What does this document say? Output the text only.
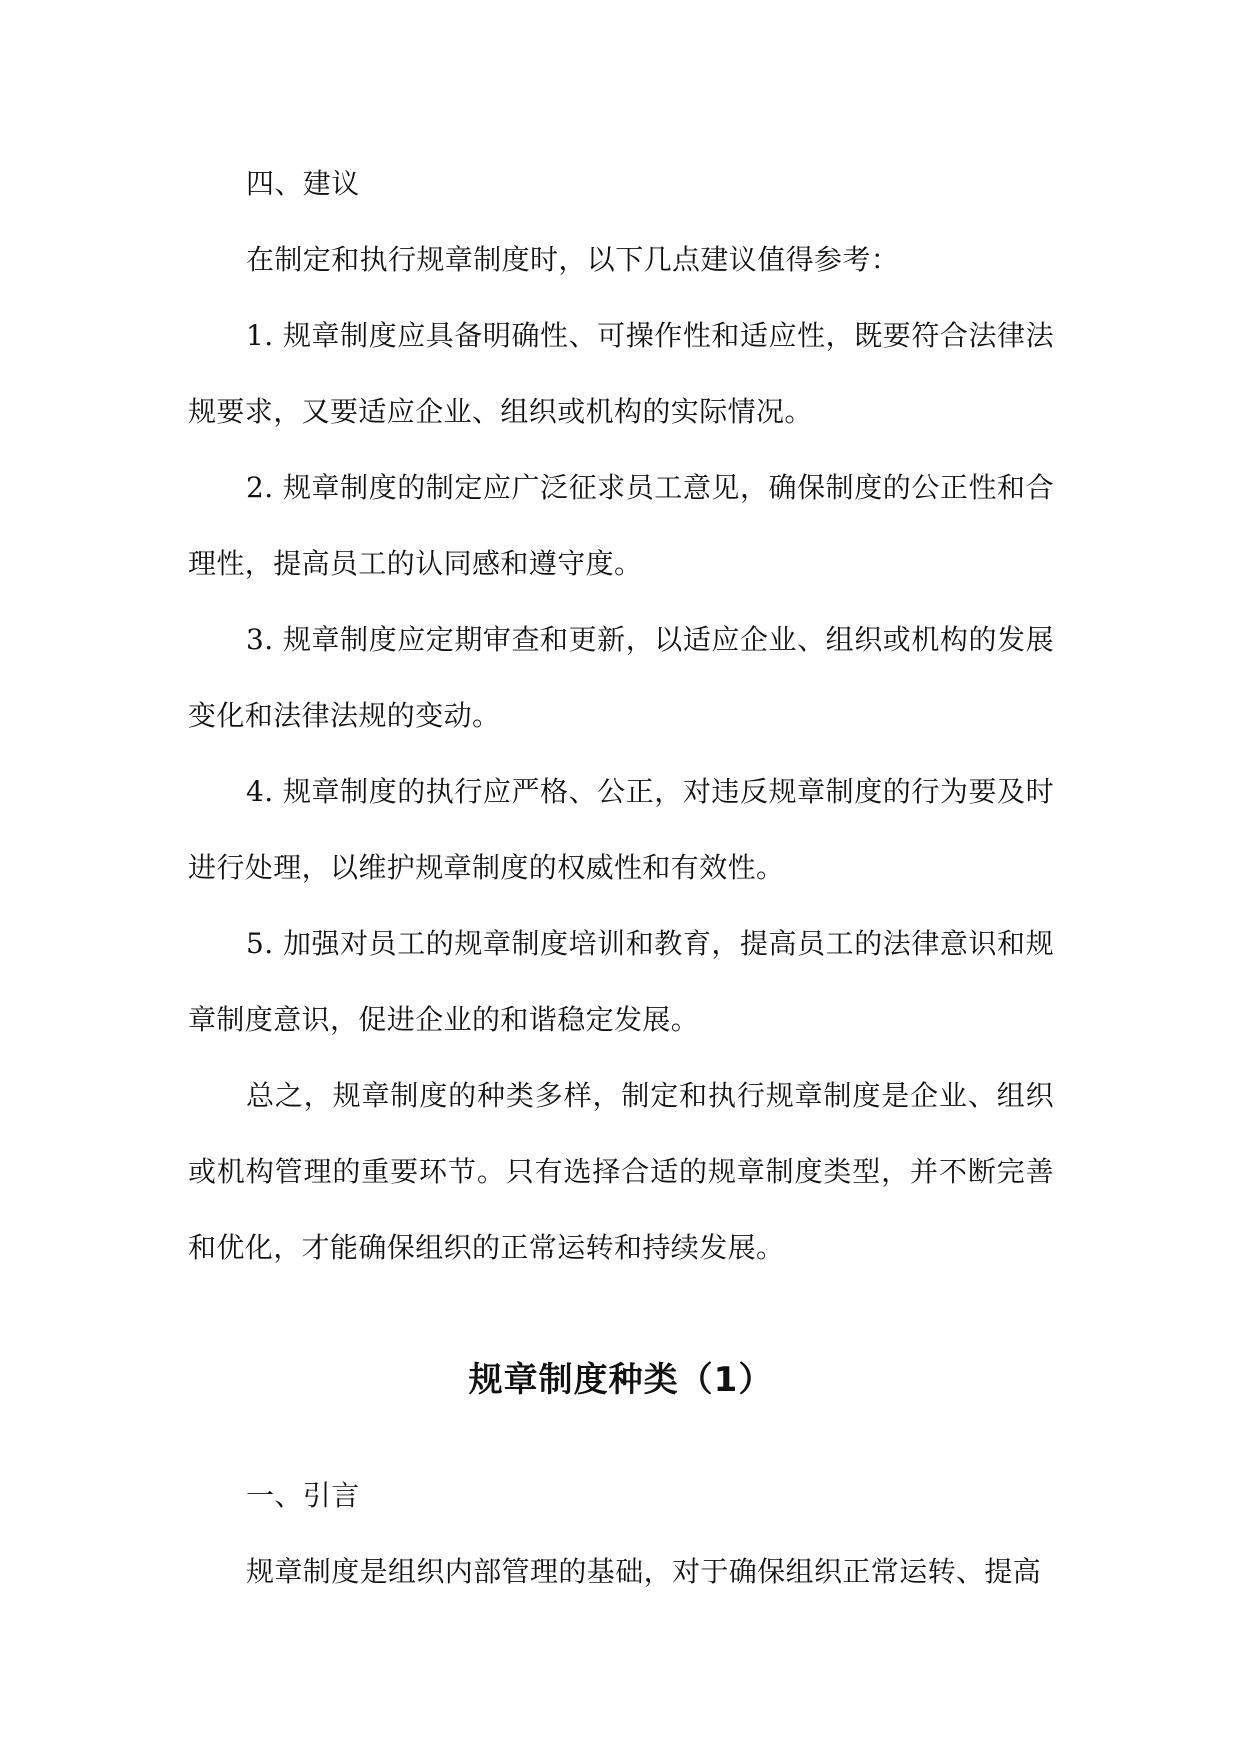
四、建议

在制定和执行规章制度时，以下几点建议值得参考：

1. 规章制度应具备明确性、可操作性和适应性，既要符合法律法规要求，又要适应企业、组织或机构的实际情况。

2. 规章制度的制定应广泛征求员工意见，确保制度的公正性和合理性，提高员工的认同感和遵守度。

3. 规章制度应定期审查和更新，以适应企业、组织或机构的发展变化和法律法规的变动。

4. 规章制度的执行应严格、公正，对违反规章制度的行为要及时进行处理，以维护规章制度的权威性和有效性。

5. 加强对员工的规章制度培训和教育，提高员工的法律意识和规章制度意识，促进企业的和谐稳定发展。

总之，规章制度的种类多样，制定和执行规章制度是企业、组织或机构管理的重要环节。只有选择合适的规章制度类型，并不断完善和优化，才能确保组织的正常运转和持续发展。

规章制度种类（1）

一、引言

规章制度是组织内部管理的基础，对于确保组织正常运转、提高
